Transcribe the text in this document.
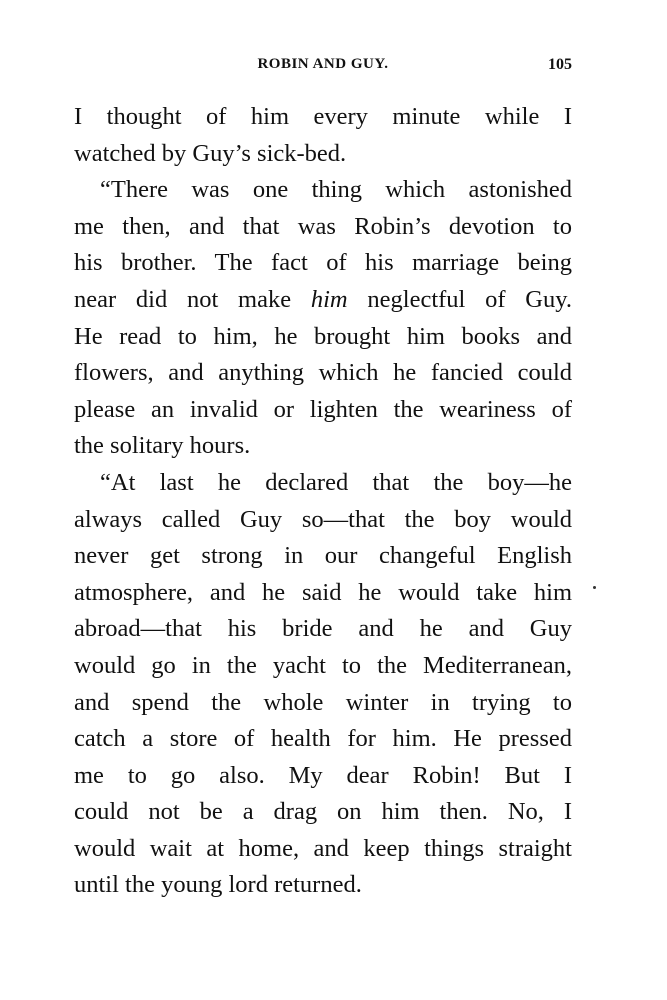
ROBIN AND GUY.	105
I thought of him every minute while I
watched by Guy’s sick-bed.
“There was one thing which astonished
me then, and that was Robin’s devotion to
his brother. The fact of his marriage being
near did not make him neglectful of Guy.
He read to him, he brought him books and
flowers, and anything which he fancied could
please an invalid or lighten the weariness of
the solitary hours.
“At last he declared that the boy—he
always called Guy so—that the boy would
never get strong in our changeful English
atmosphere, and he said he would take him
abroad—that his bride and he and Guy
would go in the yacht to the Mediterranean,
and spend the whole winter in trying to
catch a store of health for him. He pressed
me to go also. My dear Robin! But I
could not be a drag on him then. No, I
would wait at home, and keep things straight
until the young lord returned.
